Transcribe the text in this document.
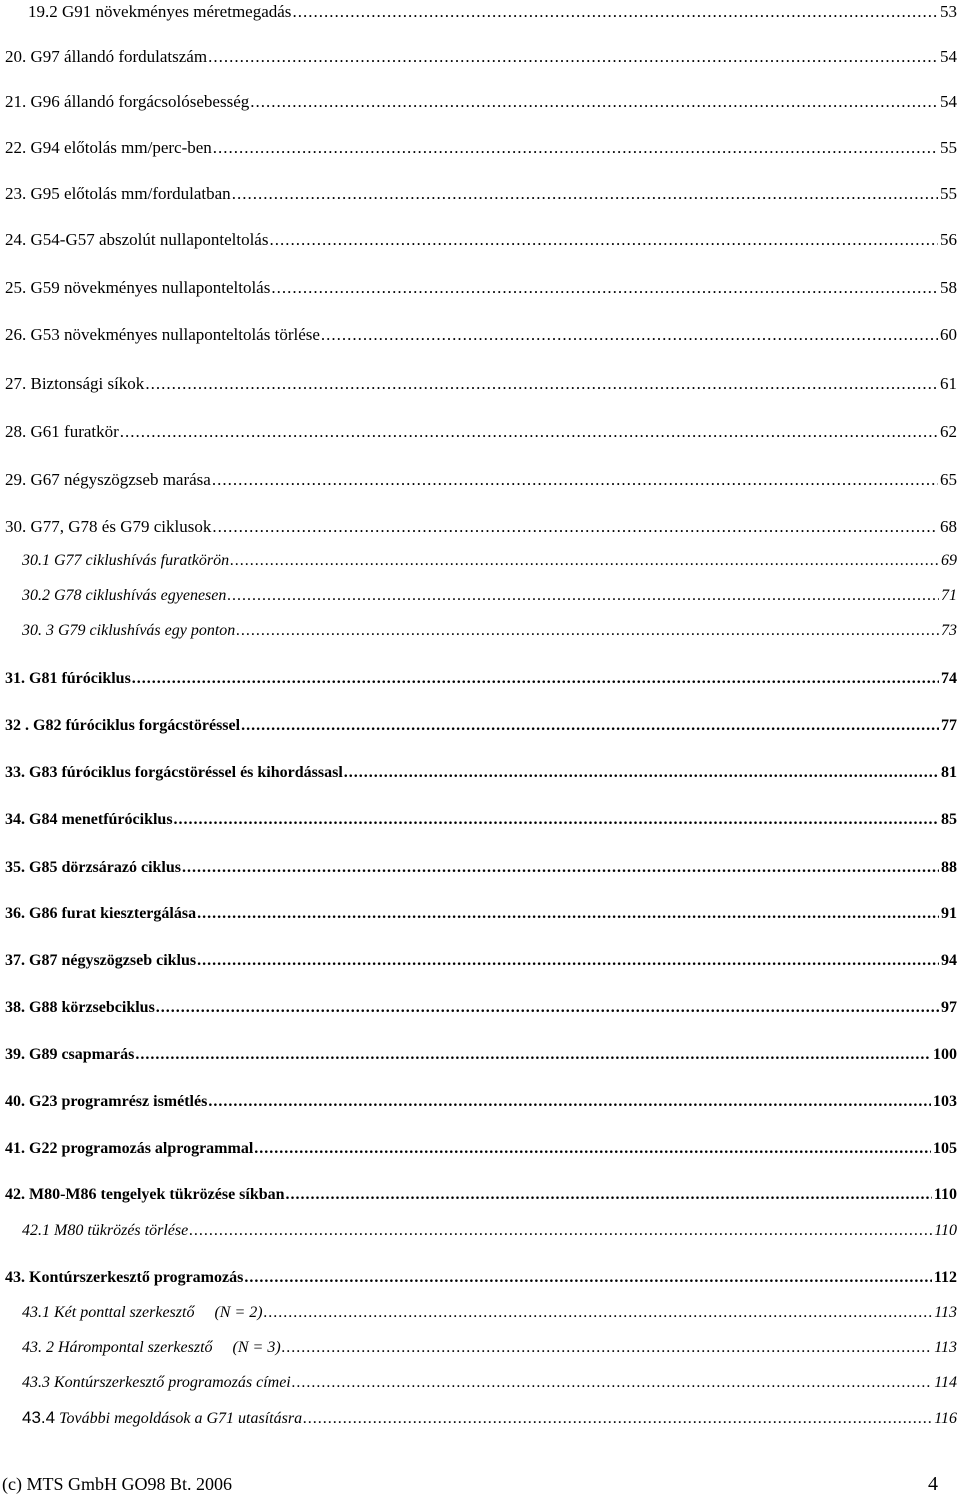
19.2 G91 növekményes méretmegadás .....	53
20. G97 állandó fordulatszám .....	54
21. G96 állandó forgácsolósebesség .....	54
22. G94 előtolás mm/perc-ben .....	55
23. G95 előtolás mm/fordulatban .....	55
24. G54-G57 abszolút nullaponteltolás .....	56
25. G59 növekményes nullaponteltolás .....	58
26. G53 növekményes nullaponteltolás törlése .....	60
27. Biztonsági síkok .....	61
28. G61 furatkör .....	62
29. G67 négyszögzseb marása .....	65
30. G77, G78 és G79 ciklusok .....	68
30.1 G77 ciklushívás furatkörön .....	69
30.2 G78 ciklushívás egyenesen .....	71
30. 3 G79 ciklushívás egy ponton .....	73
31. G81 fúróciklus .....	74
32 . G82 fúróciklus forgácstöréssel .....	77
33. G83 fúróciklus forgácstöréssel és kihordássasl .....	81
34. G84 menetfúróciklus .....	85
35. G85 dörzsárazó ciklus .....	88
36. G86 furat kiesztergálása .....	91
37. G87 négyszögzseb ciklus .....	94
38. G88 körzsebciklus .....	97
39. G89 csapmarás .....	100
40. G23 programrész ismétlés .....	103
41. G22 programozás alprogrammal .....	105
42. M80-M86 tengelyek tükrözése síkban .....	110
42.1 M80 tükrözés törlése .....	110
43. Kontúrszerkesztő programozás .....	112
43.1 Két ponttal szerkesztő     (N = 2) .....	113
43. 2 Hárompontal szerkesztő     (N = 3) .....	113
43.3 Kontúrszerkesztő programozás címei .....	114
43.4 További megoldások a G71 utasításra .....	116
(c) MTS GmbH GO98 Bt. 2006	4
